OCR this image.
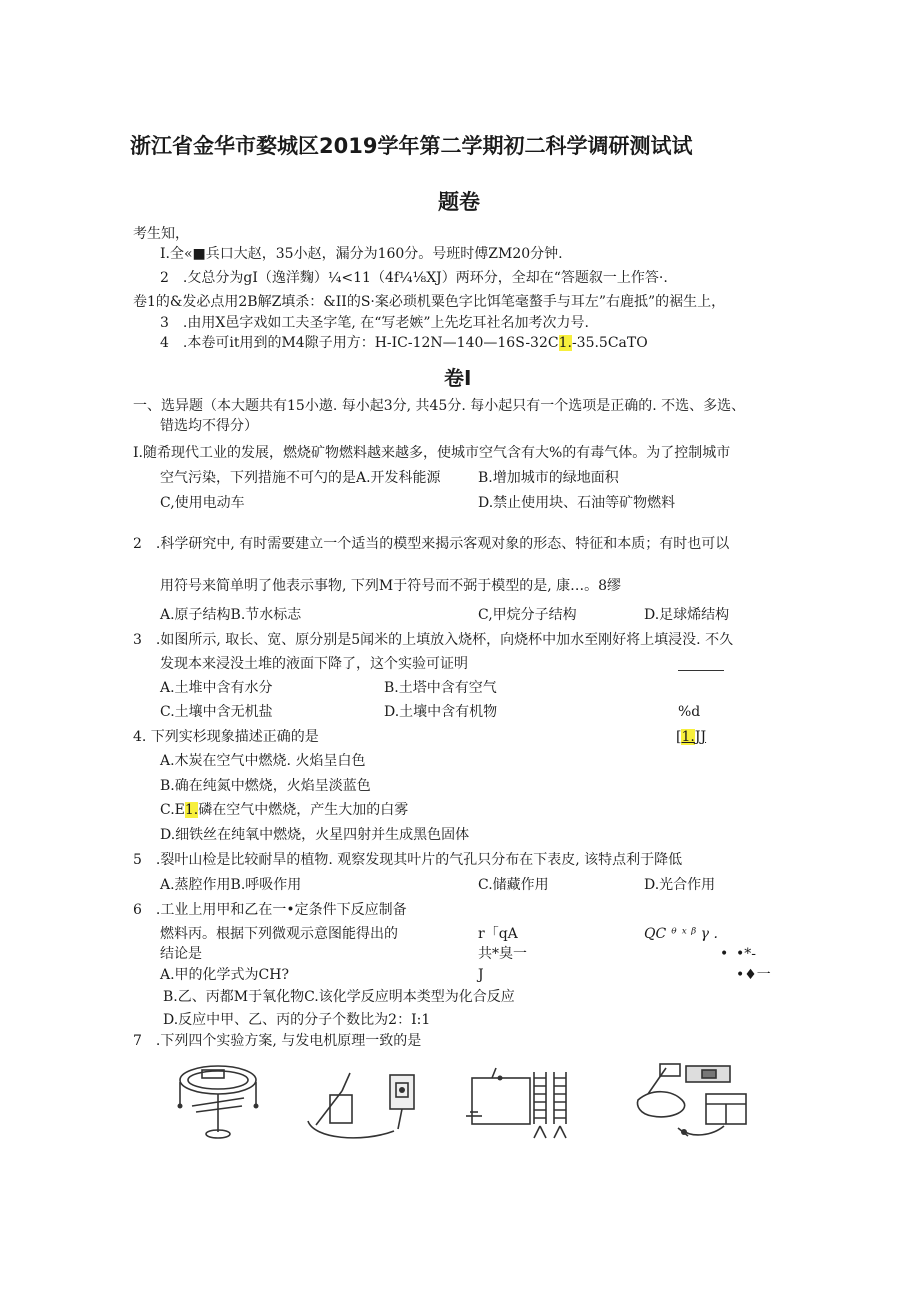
浙江省金华市婺城区2019学年第二学期初二科学调研测试试
题卷
考生知，
I.全«■兵口大赵，35小赵，漏分为160分。号班时傅ZM20分钟.
2　.攵总分为gI（逸洋麴）¼<11（4f¼⅛XJ）两环分，全却在“答题叙一上作答·.
卷1的&发必点用2B解Z填杀：&II的S·案必琐机粟色字比饵笔毫螯手与耳左”右鹿抵”的裾生上，
3　.由用X邑字戏如工夫圣字笔, 在“写老嫉”上先圪耳社名加考次力号.
4　.本卷可it用到的M4隙子用方：H-IC-12N—140—16S-32C1.-35.5CaTO
卷I
一、选异题（本大题共有15小遨. 每小起3分, 共45分. 每小起只有一个选项是正确的. 不选、多选、
错选均不得分）
I.随希现代工业的发展，燃烧矿物燃料越来越多，使城市空气含有大%的有毒气体。为了控制城市
空气污染，下列措施不可勺的是A.开发科能源	B.增加城市的绿地面积
C,使用电动车	D.禁止使用块、石油等矿物燃料
2　.科学研究中, 有时需要建立一个适当的模型来揭示客观对象的形态、特征和本质；有时也可以
用符号来简单明了他表示事物, 下列M于符号而不弼于模型的是, 康…。8缪
A.原子结构B.节水标志	C,甲烷分子结构	D.足球烯结构
3　.如图所示, 取长、宽、原分别是5闻米的上填放入烧杯，向烧杯中加水至刚好将上填浸没. 不久
发现本来浸没土堆的液面下降了，这个实验可证明
A.土堆中含有水分	B.土塔中含有空气
C.土壤中含无机盐	D.土壤中含有机物	%d
4. 下列实杉现象描述正确的是	[1.JJ
A.木炭在空气中燃烧. 火焰呈白色
B.确在纯氮中燃烧，火焰呈淡蓝色
C.E1.磷在空气中燃烧，产生大加的白雾
D.细铁丝在纯氧中燃烧，火星四射并生成黑色固体
5　.裂叶山检是比较耐旱的植物. 观察发现其叶片的气孔只分布在下表皮, 该特点利于降低
A.蒸腔作用B.呼吸作用	C.储藏作用	D.光合作用
6　.工业上用甲和乙在一•定条件下反应制备
燃料丙。根据下列微观示意图能得出的
结论是
A.甲的化学式为CH?
B.乙、丙都M于氧化物C.该化学反应明本类型为化合反应
D.反应中甲、乙、丙的分子个数比为2：I:1
r「qA
共*臭一
J
QC ᶿ ˣ ᵝ γ .
• •*-
•♦一
7　.下列四个实验方案, 与发电机原理一致的是
